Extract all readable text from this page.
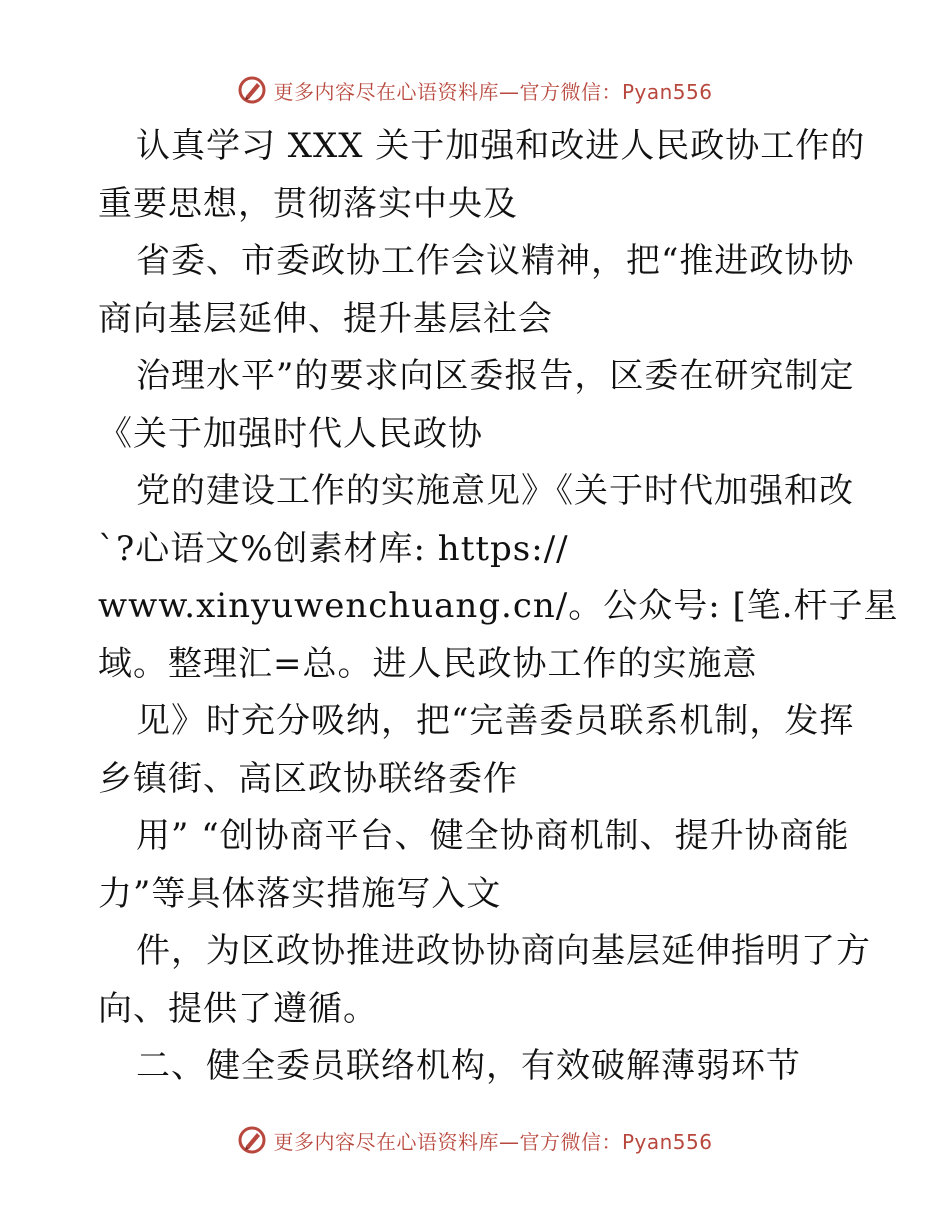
更多内容尽在心语资料库—官方微信：Pyan556
认真学习 XXX 关于加强和改进人民政协工作的
重要思想，贯彻落实中央及
省委、市委政协工作会议精神，把“推进政协协
商向基层延伸、提升基层社会
治理水平”的要求向区委报告，区委在研究制定
《关于加强时代人民政协
党的建设工作的实施意见》《关于时代加强和改
`?心语文%创素材库: https://
www.xinyuwenchuang.cn/。公众号: [笔.杆子星
域。整理汇=总。进人民政协工作的实施意
见》时充分吸纳，把“完善委员联系机制，发挥
乡镇街、高区政协联络委作
用” “创协商平台、健全协商机制、提升协商能
力”等具体落实措施写入文
件，为区政协推进政协协商向基层延伸指明了方
向、提供了遵循。
二、健全委员联络机构，有效破解薄弱环节
更多内容尽在心语资料库—官方微信：Pyan556
